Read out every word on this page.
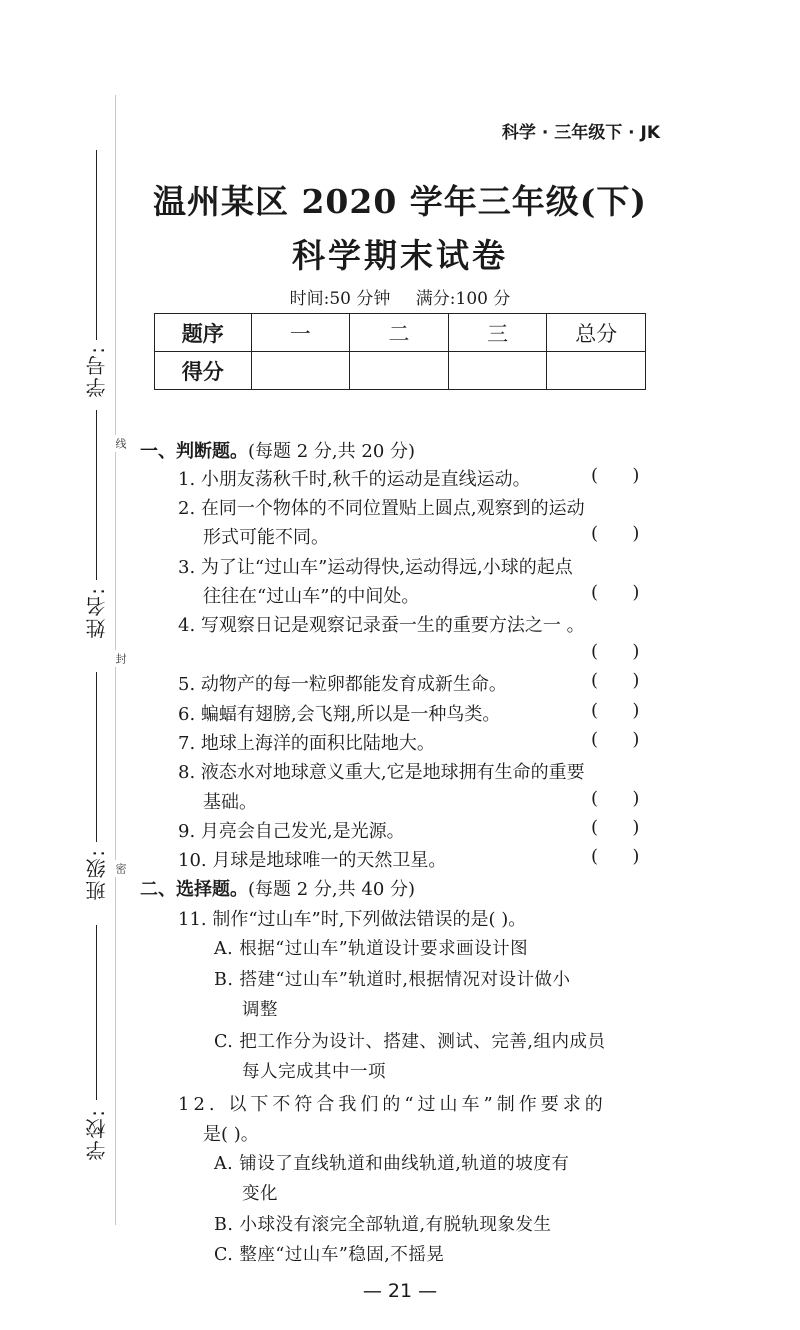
学号:
姓名:
班级:
学校:
线
封
密
科学 · 三年级下 · JK
温州某区 2020 学年三年级(下)
科学期末试卷
时间:50 分钟 满分:100 分
题序	一	二	三	总分
得分				
一、判断题。(每题 2 分,共 20 分)
1. 小朋友荡秋千时,秋千的运动是直线运动。	(      )
2. 在同一个物体的不同位置贴上圆点,观察到的运动
形式可能不同。	(      )
3. 为了让“过山车”运动得快,运动得远,小球的起点
往往在“过山车”的中间处。	(      )
4. 写观察日记是观察记录蚕一生的重要方法之一 。
(      )
5. 动物产的每一粒卵都能发育成新生命。	(      )
6. 蝙蝠有翅膀,会飞翔,所以是一种鸟类。	(      )
7. 地球上海洋的面积比陆地大。	(      )
8. 液态水对地球意义重大,它是地球拥有生命的重要
基础。	(      )
9. 月亮会自己发光,是光源。	(      )
10. 月球是地球唯一的天然卫星。	(      )
二、选择题。(每题 2 分,共 40 分)
11. 制作“过山车”时,下列做法错误的是( )。
A. 根据“过山车”轨道设计要求画设计图
B. 搭建“过山车”轨道时,根据情况对设计做小
调整
C. 把工作分为设计、搭建、测试、完善,组内成员
每人完成其中一项
12. 以下不符合我们的“过山车”制作要求的
是( )。
A. 铺设了直线轨道和曲线轨道,轨道的坡度有
变化
B. 小球没有滚完全部轨道,有脱轨现象发生
C. 整座“过山车”稳固,不摇晃
— 21 —
